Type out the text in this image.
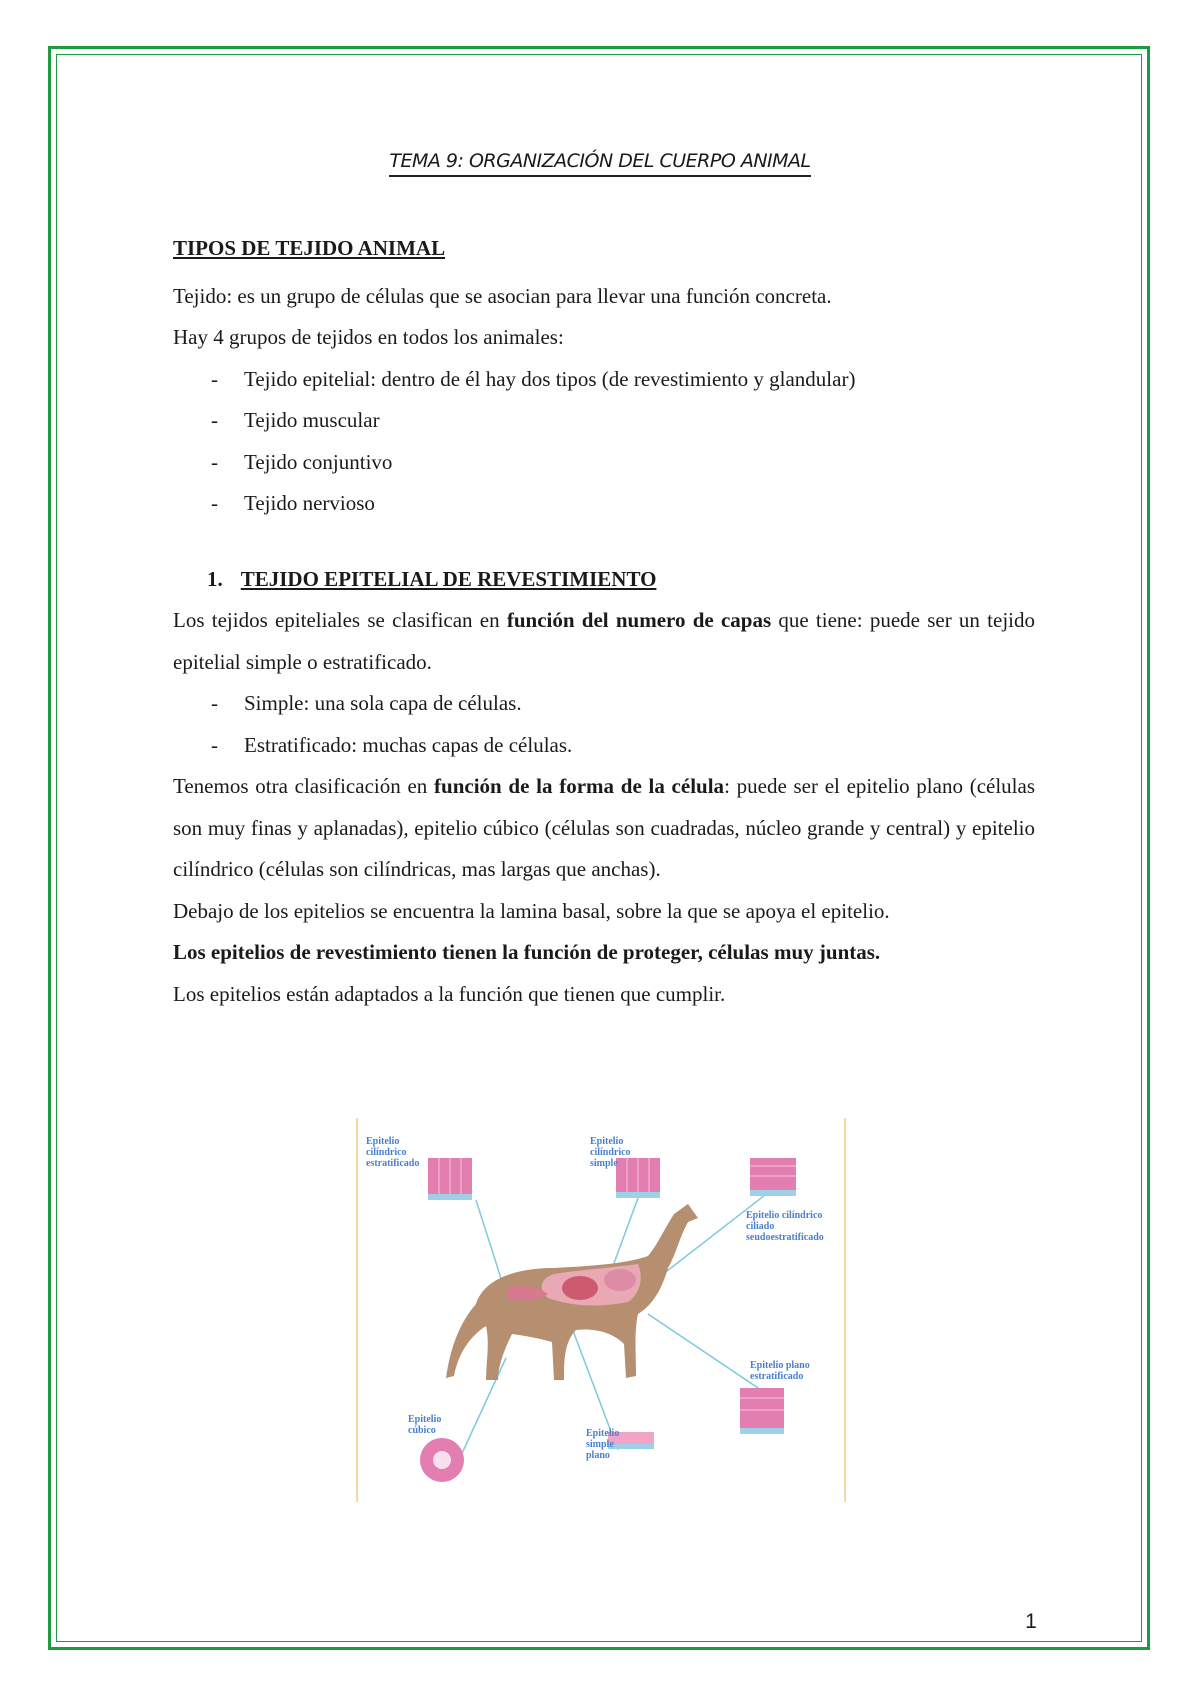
TEMA 9: ORGANIZACIÓN DEL CUERPO ANIMAL

TIPOS DE TEJIDO ANIMAL

Tejido: es un grupo de células que se asocian para llevar una función concreta.

Hay 4 grupos de tejidos en todos los animales:

- Tejido epitelial: dentro de él hay dos tipos (de revestimiento y glandular)
- Tejido muscular
- Tejido conjuntivo
- Tejido nervioso

1. TEJIDO EPITELIAL DE REVESTIMIENTO

Los tejidos epiteliales se clasifican en función del numero de capas que tiene: puede ser un tejido epitelial simple o estratificado.

- Simple: una sola capa de células.
- Estratificado: muchas capas de células.

Tenemos otra clasificación en función de la forma de la célula: puede ser el epitelio plano (células son muy finas y aplanadas), epitelio cúbico (células son cuadradas, núcleo grande y central) y epitelio cilíndrico (células son cilíndricas, mas largas que anchas).

Debajo de los epitelios se encuentra la lamina basal, sobre la que se apoya el epitelio.

Los epitelios de revestimiento tienen la función de proteger, células muy juntas.

Los epitelios están adaptados a la función que tienen que cumplir.

Epitelio cilíndrico estratificado
Epitelio cilíndrico simple
Epitelio cilíndrico ciliado seudoestratificado
Epitelio plano estratificado
Epitelio cúbico	Epitelio simple plano
1
